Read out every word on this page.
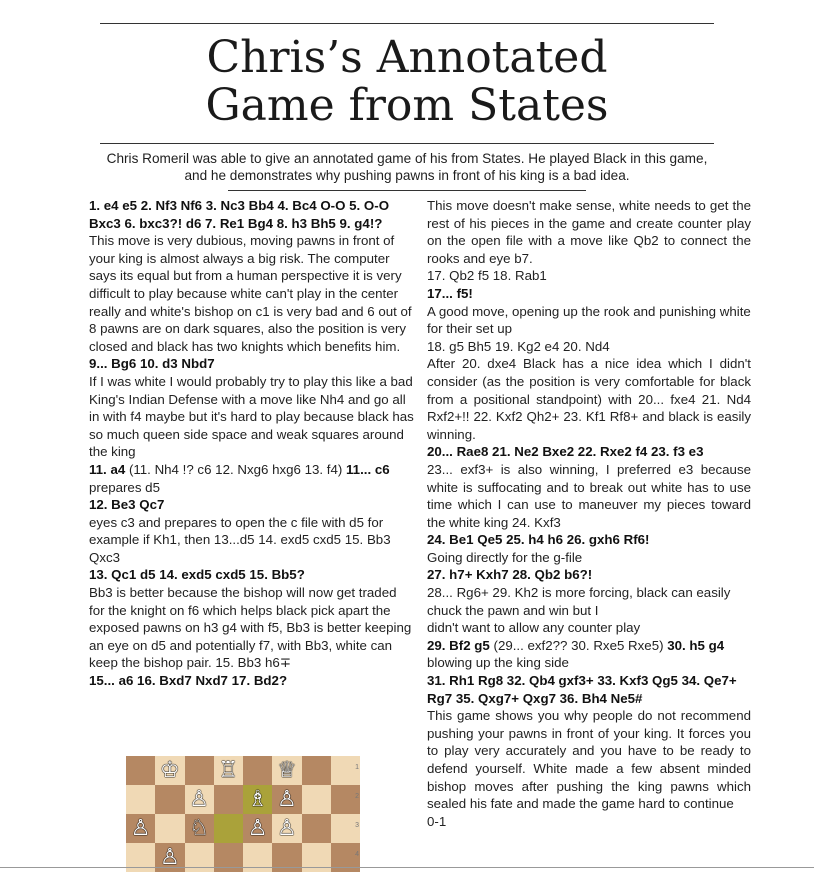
Chris’s Annotated
Game from States

Chris Romeril was able to give an annotated game of his from States. He played Black in this game, and he demonstrates why pushing pawns in front of his king is a bad idea.

1. e4 e5 2. Nf3 Nf6 3. Nc3 Bb4 4. Bc4 O-O 5. O-O Bxc3 6. bxc3?! d6 7. Re1 Bg4 8. h3 Bh5 9. g4!?

This move is very dubious, moving pawns in front of your king is almost always a big risk. The computer says its equal but from a human perspective it is very difficult to play because white can't play in the center really and white's bishop on c1 is very bad and 6 out of 8 pawns are on dark squares, also the position is very closed and black has two knights which benefits him.

9... Bg6 10. d3 Nbd7

If I was white I would probably try to play this like a bad King's Indian Defense with a move like Nh4 and go all in with f4 maybe but it's hard to play because black has so much queen side space and weak squares around the king

11. a4 (11. Nh4 !? c6 12. Nxg6 hxg6 13. f4) 11... c6

prepares d5

12. Be3 Qc7

eyes c3 and prepares to open the c file with d5 for

example if Kh1, then 13...d5 14. exd5 cxd5 15. Bb3 Qxc3

13. Qc1 d5 14. exd5 cxd5 15. Bb5?

Bb3 is better because the bishop will now get traded for the knight on f6 which helps black pick apart the exposed pawns on h3 g4 with f5, Bb3 is better keeping an eye on d5 and potentially f7, with Bb3, white can keep the bishop pair. 15. Bb3 h6∓

15... a6 16. Bxd7 Nxd7 17. Bd2?

This move doesn't make sense, white needs to get the rest of his pieces in the game and create counter play on the open file with a move like Qb2 to connect the rooks and eye b7.

17. Qb2 f5 18. Rab1

17... f5!

A good move, opening up the rook and punishing white for their set up

18. g5 Bh5 19. Kg2 e4 20. Nd4

After 20. dxe4 Black has a nice idea which I didn't consider (as the position is very comfortable for black from a positional standpoint) with 20... fxe4 21. Nd4 Rxf2+!! 22. Kxf2 Qh2+ 23. Kf1 Rf8+ and black is easily winning.

20... Rae8 21. Ne2 Bxe2 22. Rxe2 f4 23. f3 e3

23... exf3+ is also winning, I preferred e3 because white is suffocating and to break out white has to use time which I can use to maneuver my pieces toward the white king 24. Kxf3

24. Be1 Qe5 25. h4 h6 26. gxh6 Rf6!

Going directly for the g-file

27. h7+ Kxh7 28. Qb2 b6?!

28... Rg6+ 29. Kh2 is more forcing, black can easily chuck the pawn and win but I

didn't want to allow any counter play

29. Bf2 g5 (29... exf2?? 30. Rxe5 Rxe5) 30. h5 g4

blowing up the king side

31. Rh1 Rg8 32. Qb4 gxf3+ 33. Kxf3 Qg5 34. Qe7+ Rg7 35. Qxg7+ Qxg7 36. Bh4 Ne5#

This game shows you why people do not recommend pushing your pawns in front of your king. It forces you to play very accurately and you have to be ready to defend yourself. White made a few absent minded bishop moves after pushing the king pawns which sealed his fate and made the game hard to continue

0-1

♔ ♖ ♕	1
♙ ♗ ♙	2
♙ ♘ ♙ ♙	3
♙	4
